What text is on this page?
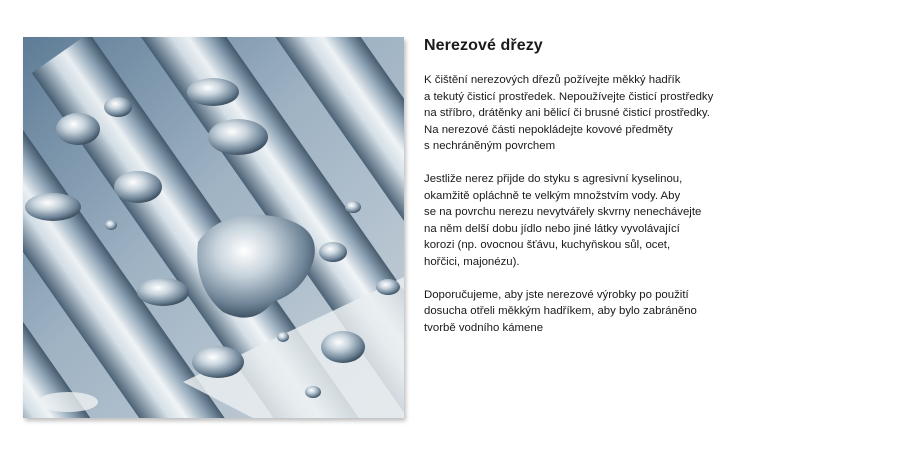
Nerezové dřezy
K čištění nerezových dřezů požívejte měkký hadřík
a tekutý čisticí prostředek. Nepoužívejte čisticí prostředky
na stříbro, drátěnky ani bělicí či brusné čisticí prostředky.
Na nerezové části nepokládejte kovové předměty
s nechráněným povrchem
Jestliže nerez přijde do styku s agresivní kyselinou,
okamžitě opláchně te velkým množstvím vody. Aby
se na povrchu nerezu nevytvářely skvrny nenechávejte
na něm delší dobu jídlo nebo jiné látky vyvolávající
korozi (np. ovocnou šťávu, kuchyňskou sůl, ocet,
hořčici, majonézu).
Doporučujeme, aby jste nerezové výrobky po použití
dosucha otřeli měkkým hadříkem, aby bylo zabráněno
tvorbě vodního kámene
